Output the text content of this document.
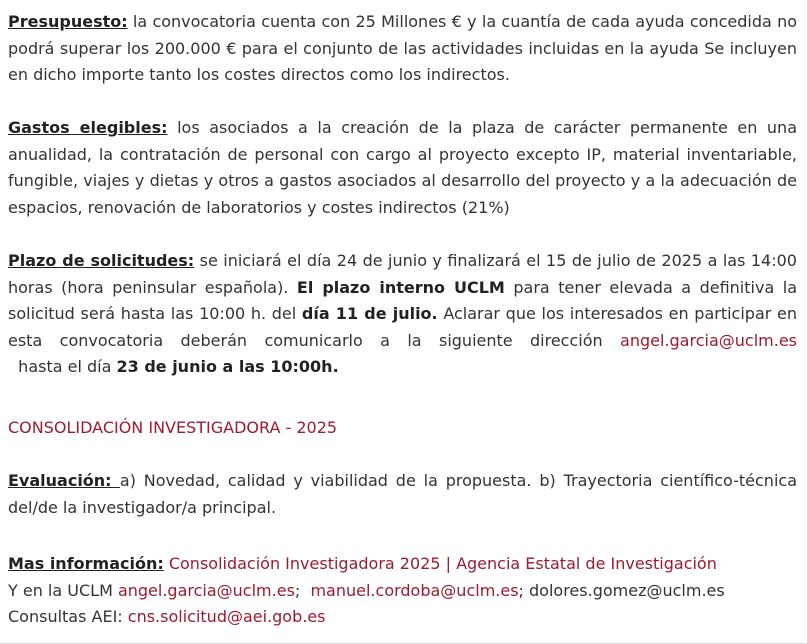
Presupuesto: la convocatoria cuenta con 25 Millones € y la cuantía de cada ayuda concedida no podrá superar los 200.000 € para el conjunto de las actividades incluidas en la ayuda Se incluyen en dicho importe tanto los costes directos como los indirectos.

Gastos elegibles: los asociados a la creación de la plaza de carácter permanente en una anualidad, la contratación de personal con cargo al proyecto excepto IP, material inventariable, fungible, viajes y dietas y otros a gastos asociados al desarrollo del proyecto y a la adecuación de espacios, renovación de laboratorios y costes indirectos (21%)

Plazo de solicitudes: se iniciará el día 24 de junio y finalizará el 15 de julio de 2025 a las 14:00 horas (hora peninsular española). El plazo interno UCLM para tener elevada a definitiva la solicitud será hasta las 10:00 h. del día 11 de julio. Aclarar que los interesados en participar en esta convocatoria deberán comunicarlo a la siguiente dirección angel.garcia@uclm.es  hasta el día 23 de junio a las 10:00h.

CONSOLIDACIÓN INVESTIGADORA - 2025

Evaluación: a) Novedad, calidad y viabilidad de la propuesta. b) Trayectoria científico-técnica del/de la investigador/a principal.

Mas información: Consolidación Investigadora 2025 | Agencia Estatal de Investigación
Y en la UCLM angel.garcia@uclm.es;  manuel.cordoba@uclm.es; dolores.gomez@uclm.es
Consultas AEI: cns.solicitud@aei.gob.es
